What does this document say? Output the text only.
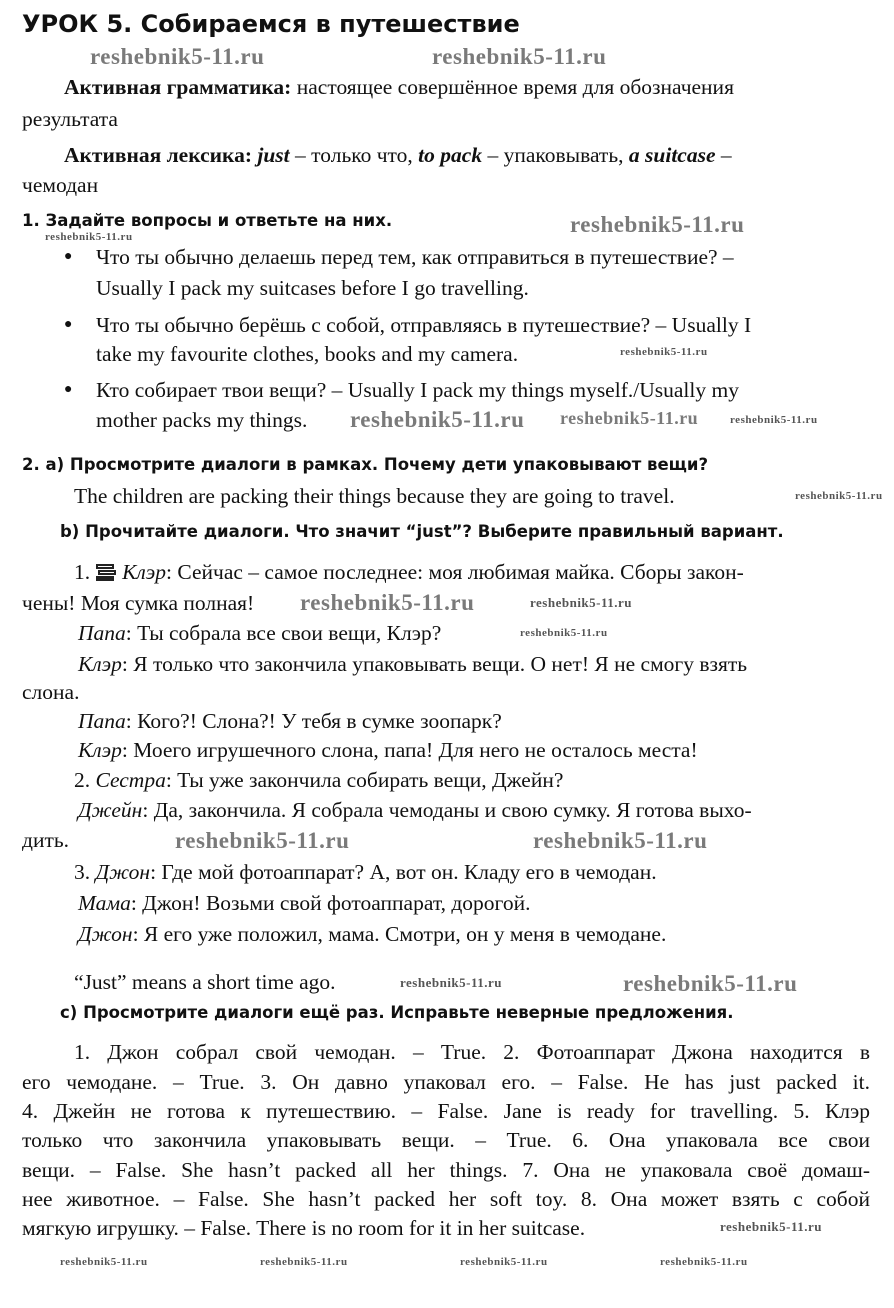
УРОК 5. Собираемся в путешествие
reshebnik5-11.ru	reshebnik5-11.ru
reshebnik5-11.ru	reshebnik5-11.ru
reshebnik5-11.ru
reshebnik5-11.ru
reshebnik5-11.ru
reshebnik5-11.ru
reshebnik5-11.ru
reshebnik5-11.ru	reshebnik5-11.ru
reshebnik5-11.ru
reshebnik5-11.ru	reshebnik5-11.ru
reshebnik5-11.ru	reshebnik5-11.ru
reshebnik5-11.ru	reshebnik5-11.ru	reshebnik5-11.ru	reshebnik5-11.ru
reshebnik5-11.ru
Активная грамматика: настоящее совершённое время для обозначения
результата
Активная лексика: just – только что, to pack – упаковывать, a suitcase –
чемодан
1. Задайте вопросы и ответьте на них.
● Что ты обычно делаешь перед тем, как отправиться в путешествие? –
Usually I pack my suitcases before I go travelling.
● Что ты обычно берёшь с собой, отправляясь в путешествие? – Usually I
take my favourite clothes, books and my camera.
● Кто собирает твои вещи? – Usually I pack my things myself./Usually my
mother packs my things.
2. a) Просмотрите диалоги в рамках. Почему дети упаковывают вещи?
The children are packing their things because they are going to travel.
b) Прочитайте диалоги. Что значит “just”? Выберите правильный вариант.
1. Клэр: Сейчас – самое последнее: моя любимая майка. Сборы закон-
чены! Моя сумка полная!
Папа: Ты собрала все свои вещи, Клэр?
Клэр: Я только что закончила упаковывать вещи. О нет! Я не смогу взять
слона.
Папа: Кого?! Слона?! У тебя в сумке зоопарк?
Клэр: Моего игрушечного слона, папа! Для него не осталось места!
2. Сестра: Ты уже закончила собирать вещи, Джейн?
Джейн: Да, закончила. Я собрала чемоданы и свою сумку. Я готова выхо-
дить.
3. Джон: Где мой фотоаппарат? А, вот он. Кладу его в чемодан.
Мама: Джон! Возьми свой фотоаппарат, дорогой.
Джон: Я его уже положил, мама. Смотри, он у меня в чемодане.
“Just” means a short time ago.
c) Просмотрите диалоги ещё раз. Исправьте неверные предложения.
1. Джон собрал свой чемодан. – True. 2. Фотоаппарат Джона находится в
его чемодане. – True. 3. Он давно упаковал его. – False. He has just packed it.
4. Джейн не готова к путешествию. – False. Jane is ready for travelling. 5. Клэр
только что закончила упаковывать вещи. – True. 6. Она упаковала все свои
вещи. – False. She hasn’t packed all her things. 7. Она не упаковала своё домаш-
нее животное. – False. She hasn’t packed her soft toy. 8. Она может взять с собой
мягкую игрушку. – False. There is no room for it in her suitcase.
